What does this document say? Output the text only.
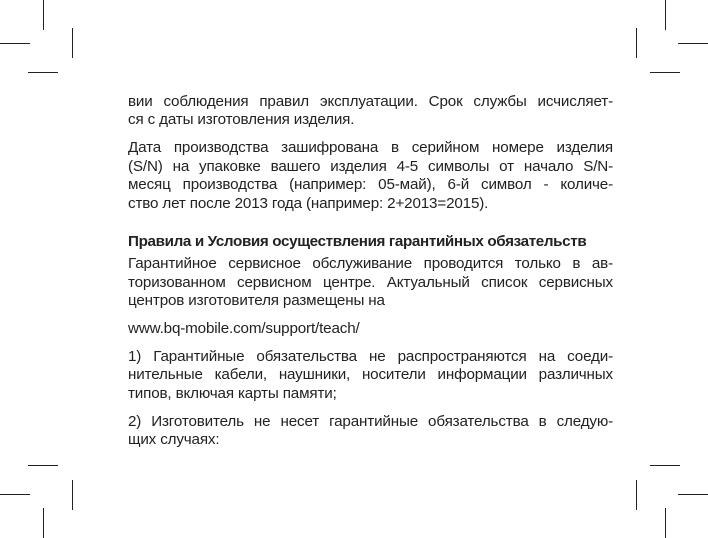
вии соблюдения правил эксплуатации. Срок службы исчисляет-
ся с даты изготовления изделия.

Дата производства зашифрована в серийном номере изделия
(S/N) на упаковке вашего изделия 4-5 символы от начало S/N-
месяц производства (например: 05-май), 6-й символ - количе-
ство лет после 2013 года (например: 2+2013=2015).

Правила и Условия осуществления гарантийных обязательств

Гарантийное сервисное обслуживание проводится только в ав-
торизованном сервисном центре. Актуальный список сервисных
центров изготовителя размещены на

www.bq-mobile.com/support/teach/

1) Гарантийные обязательства не распространяются на соеди-
нительные кабели, наушники, носители информации различных
типов, включая карты памяти;

2) Изготовитель не несет гарантийные обязательства в следую-
щих случаях:
